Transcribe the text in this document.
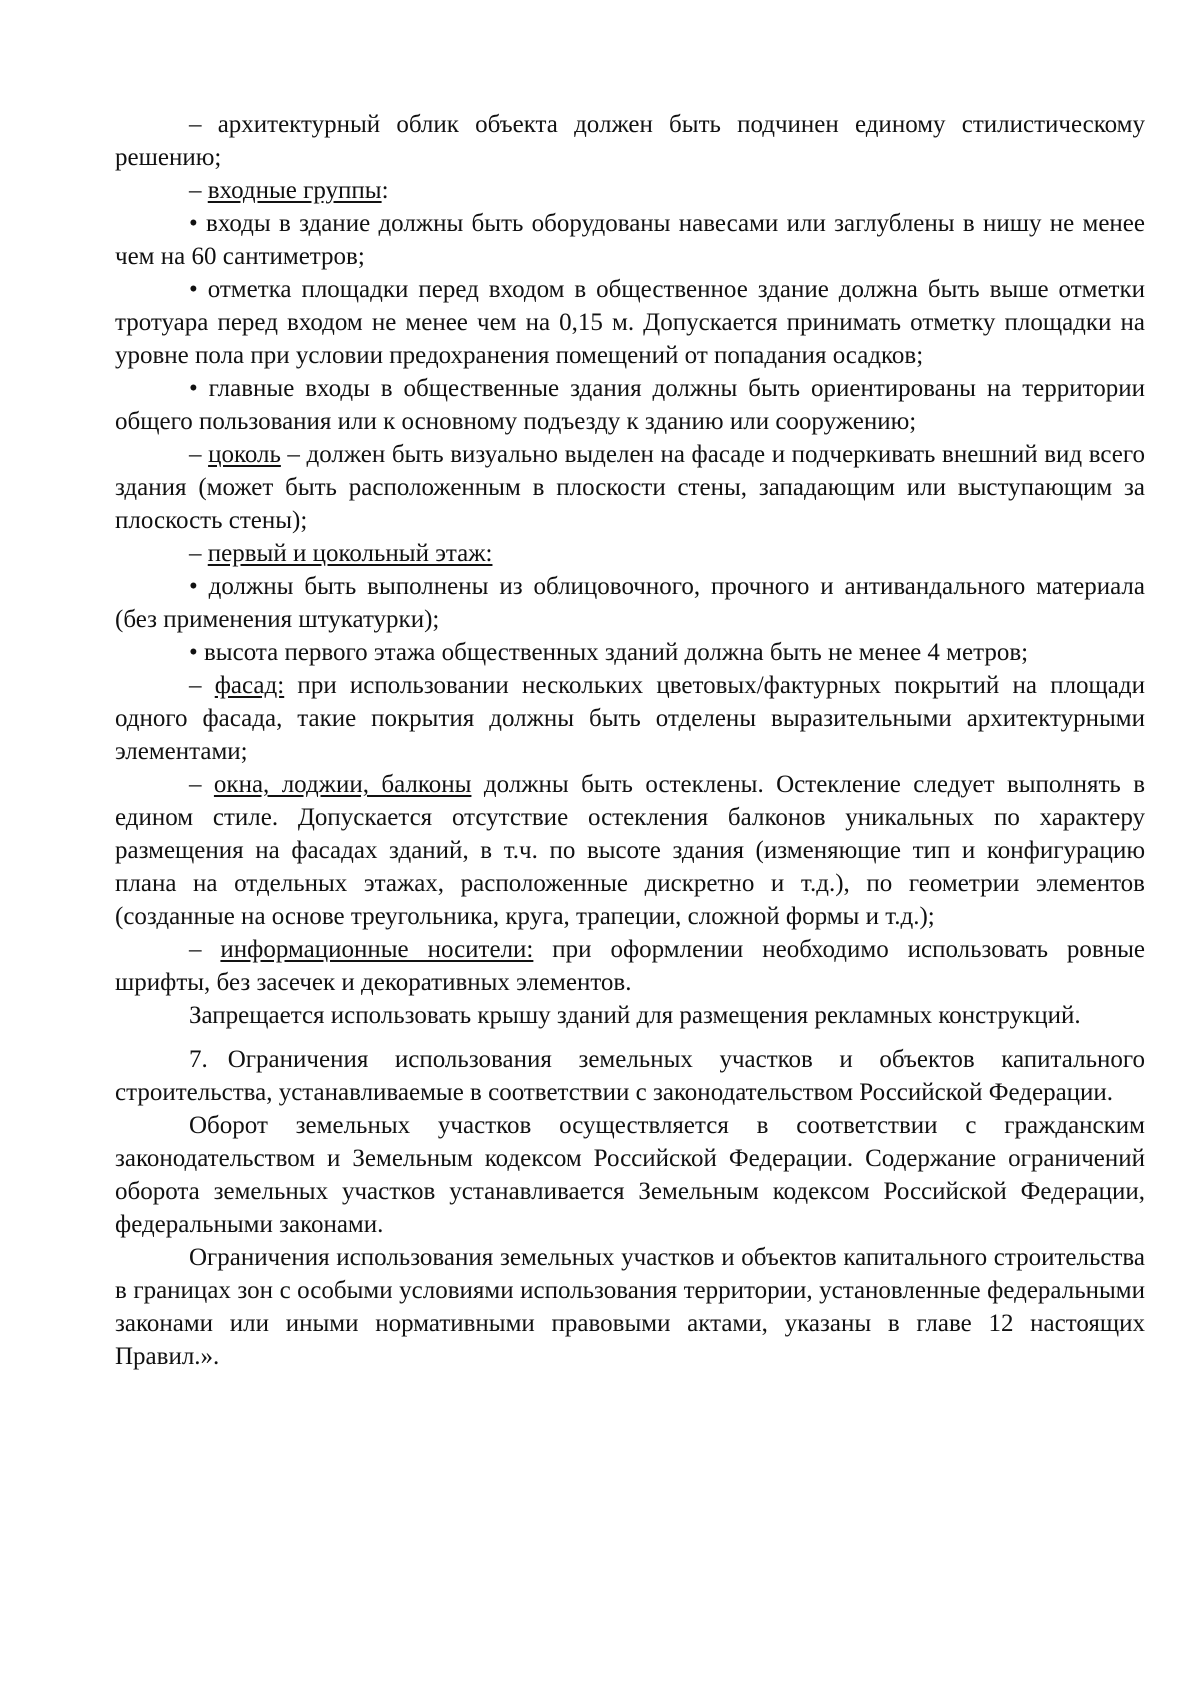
– архитектурный облик объекта должен быть подчинен единому стилистическому решению;

– входные группы:

• входы в здание должны быть оборудованы навесами или заглублены в нишу не менее чем на 60 сантиметров;

• отметка площадки перед входом в общественное здание должна быть выше отметки тротуара перед входом не менее чем на 0,15 м. Допускается принимать отметку площадки на уровне пола при условии предохранения помещений от попадания осадков;

• главные входы в общественные здания должны быть ориентированы на территории общего пользования или к основному подъезду к зданию или сооружению;

– цоколь – должен быть визуально выделен на фасаде и подчеркивать внешний вид всего здания (может быть расположенным в плоскости стены, западающим или выступающим за плоскость стены);

– первый и цокольный этаж:

• должны быть выполнены из облицовочного, прочного и антивандального материала (без применения штукатурки);

• высота первого этажа общественных зданий должна быть не менее 4 метров;

– фасад: при использовании нескольких цветовых/фактурных покрытий на площади одного фасада, такие покрытия должны быть отделены выразительными архитектурными элементами;

– окна, лоджии, балконы должны быть остеклены. Остекление следует выполнять в едином стиле. Допускается отсутствие остекления балконов уникальных по характеру размещения на фасадах зданий, в т.ч. по высоте здания (изменяющие тип и конфигурацию плана на отдельных этажах, расположенные дискретно и т.д.), по геометрии элементов (созданные на основе треугольника, круга, трапеции, сложной формы и т.д.);

– информационные носители: при оформлении необходимо использовать ровные шрифты, без засечек и декоративных элементов.

Запрещается использовать крышу зданий для размещения рекламных конструкций.

7. Ограничения использования земельных участков и объектов капитального строительства, устанавливаемые в соответствии с законодательством Российской Федерации.

Оборот земельных участков осуществляется в соответствии с гражданским законодательством и Земельным кодексом Российской Федерации. Содержание ограничений оборота земельных участков устанавливается Земельным кодексом Российской Федерации, федеральными законами.

Ограничения использования земельных участков и объектов капитального строительства в границах зон с особыми условиями использования территории, установленные федеральными законами или иными нормативными правовыми актами, указаны в главе 12 настоящих Правил.».
